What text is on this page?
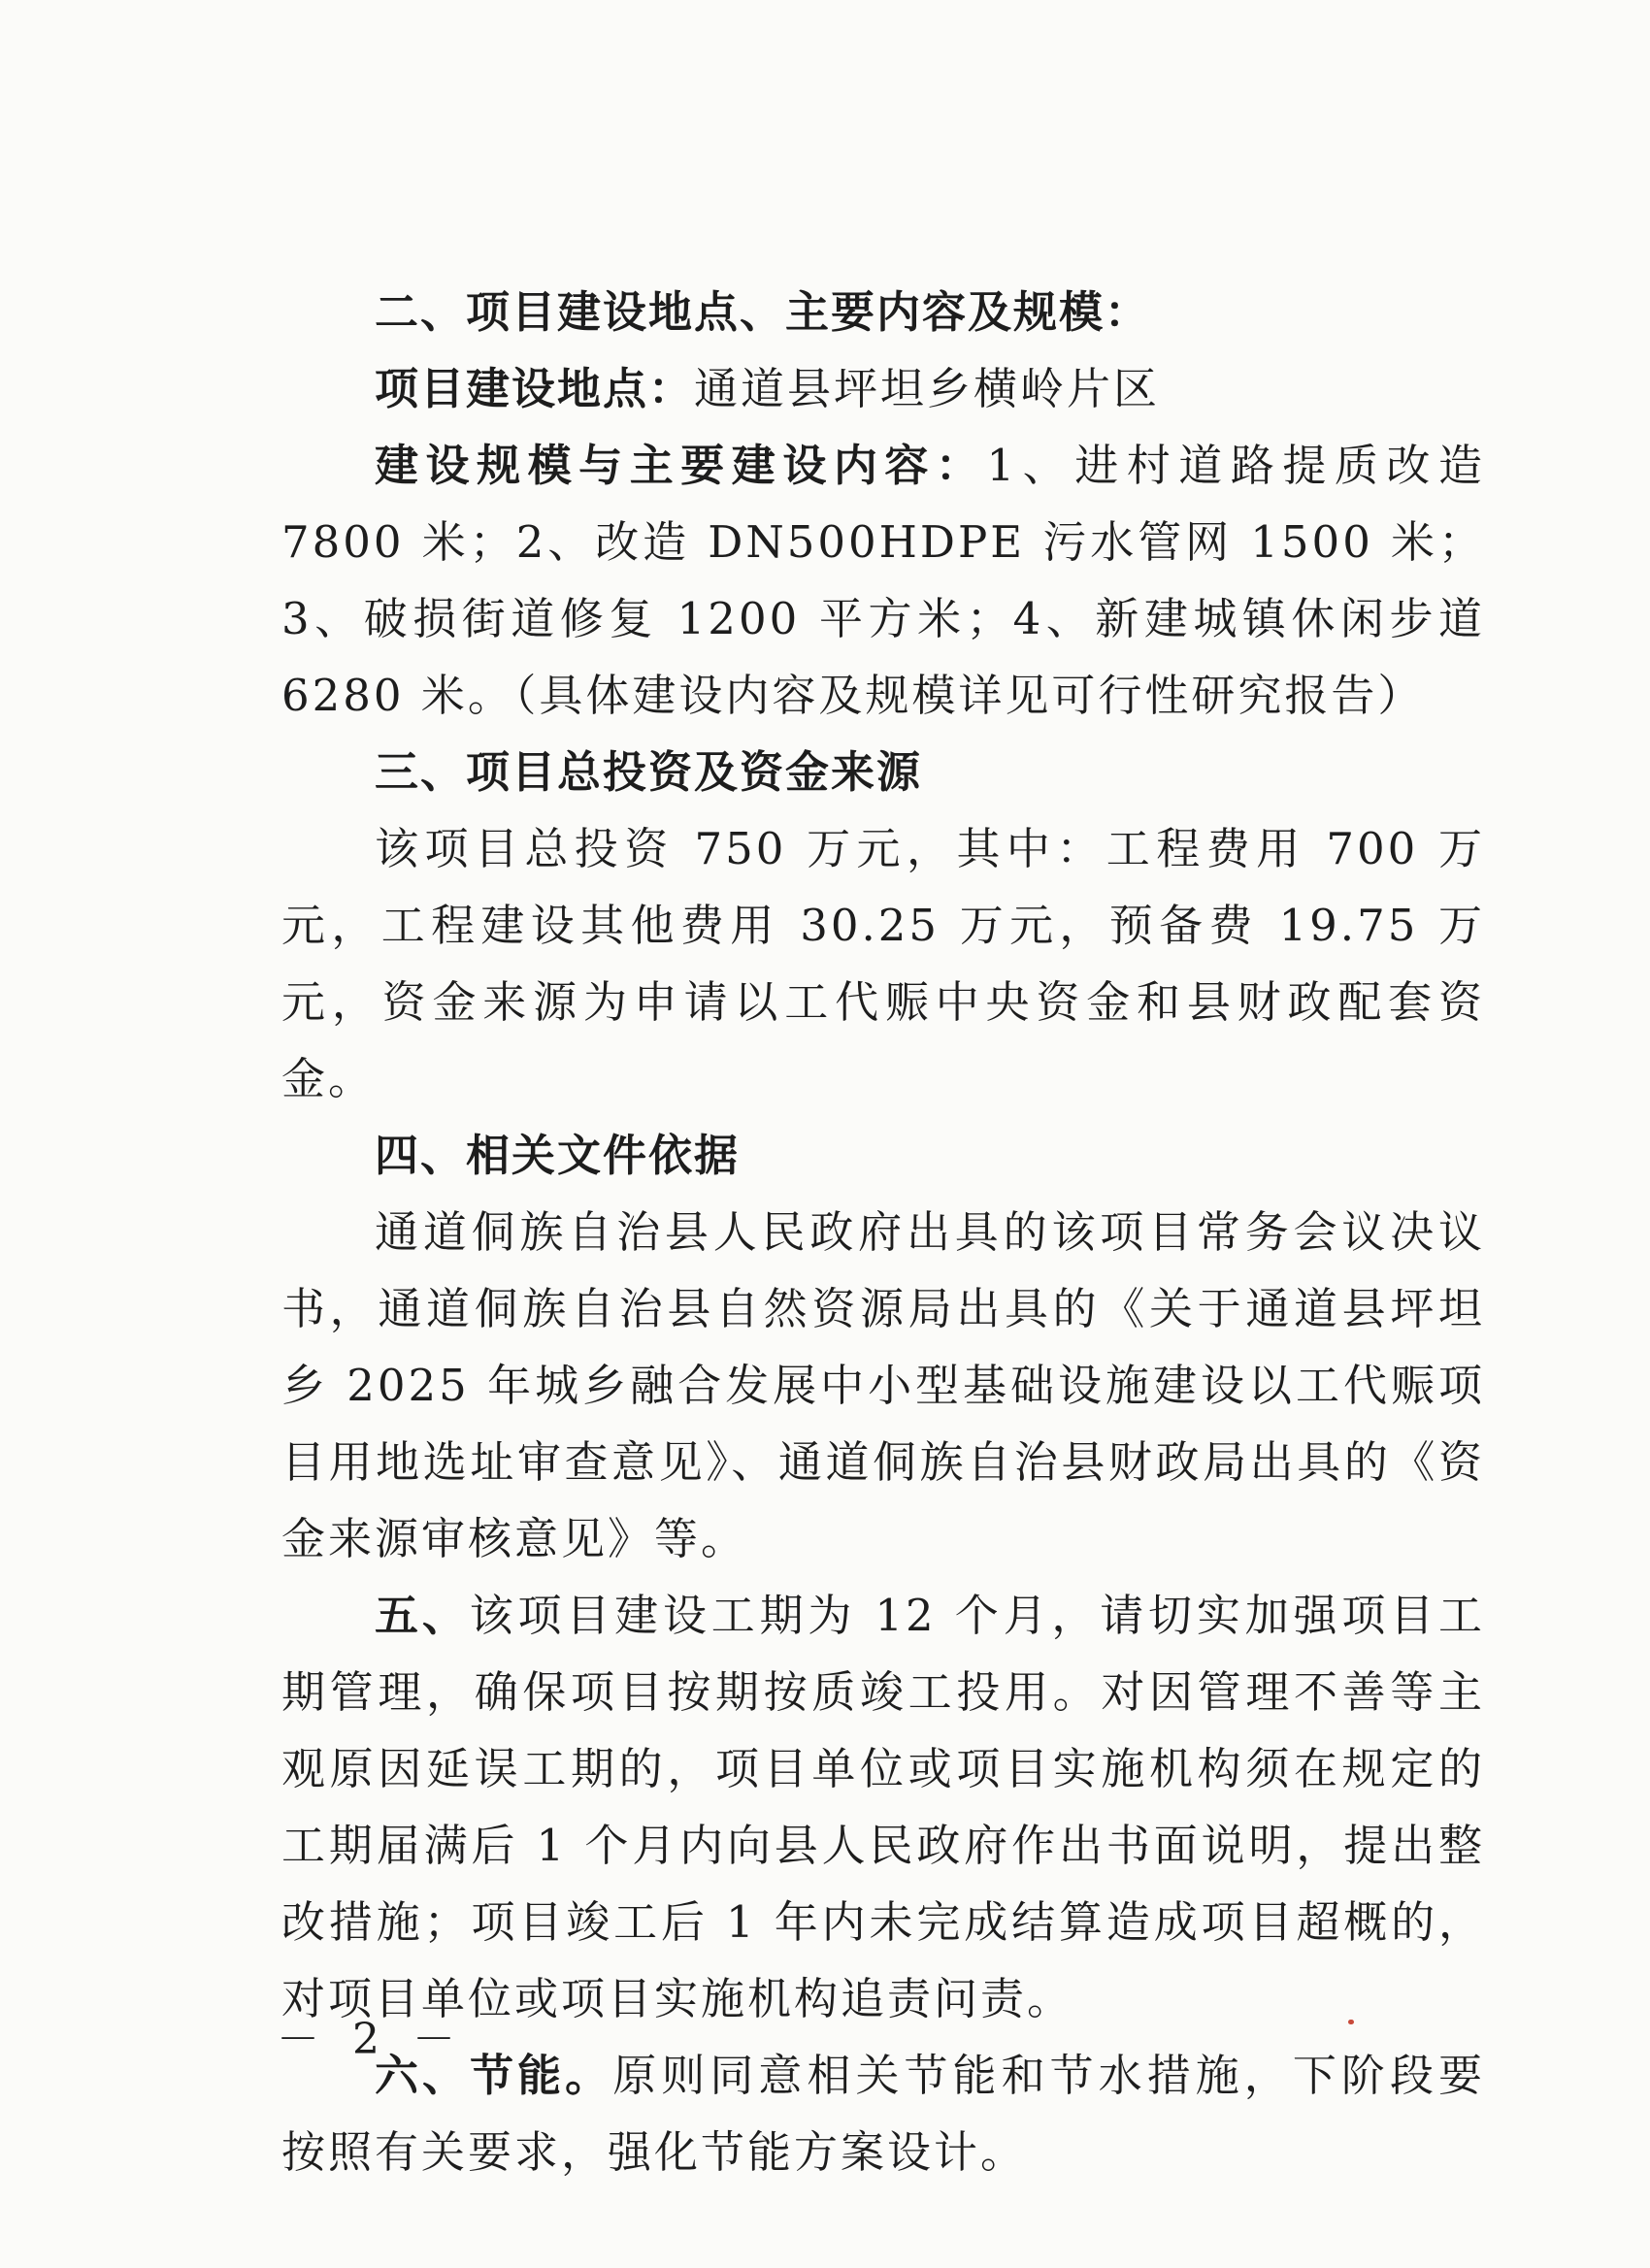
二、项目建设地点、主要内容及规模：

项目建设地点：通道县坪坦乡横岭片区

建设规模与主要建设内容：1、进村道路提质改造 7800 米；2、改造 DN500HDPE 污水管网 1500 米；3、破损街道修复 1200 平方米；4、新建城镇休闲步道 6280 米。（具体建设内容及规模详见可行性研究报告）

三、项目总投资及资金来源

该项目总投资 750 万元，其中：工程费用 700 万元，工程建设其他费用 30.25 万元，预备费 19.75 万元，资金来源为申请以工代赈中央资金和县财政配套资金。

四、相关文件依据

通道侗族自治县人民政府出具的该项目常务会议决议书，通道侗族自治县自然资源局出具的《关于通道县坪坦乡 2025 年城乡融合发展中小型基础设施建设以工代赈项目用地选址审查意见》、通道侗族自治县财政局出具的《资金来源审核意见》等。

五、该项目建设工期为 12 个月，请切实加强项目工期管理，确保项目按期按质竣工投用。对因管理不善等主观原因延误工期的，项目单位或项目实施机构须在规定的工期届满后 1 个月内向县人民政府作出书面说明，提出整改措施；项目竣工后 1 年内未完成结算造成项目超概的，对项目单位或项目实施机构追责问责。

六、节能。原则同意相关节能和节水措施，下阶段要按照有关要求，强化节能方案设计。

－ 2 －
